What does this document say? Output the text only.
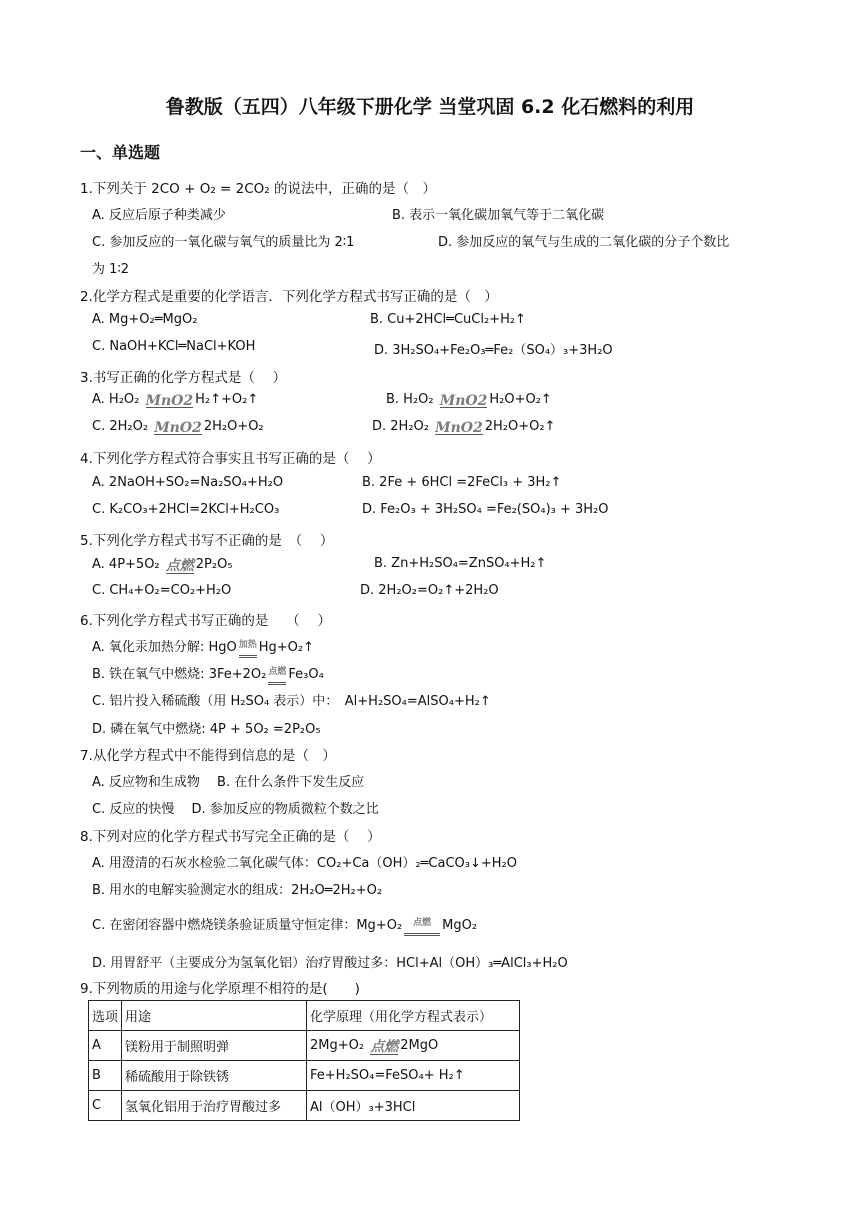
鲁教版（五四）八年级下册化学 当堂巩固 6.2 化石燃料的利用
一、单选题
1.下列关于 2CO + O₂ = 2CO₂ 的说法中，正确的是（　）
A. 反应后原子种类减少	B. 表示一氧化碳加氧气等于二氧化碳
C. 参加反应的一氧化碳与氧气的质量比为 2∶1	D. 参加反应的氧气与生成的二氧化碳的分子个数比
为 1∶2
2.化学方程式是重要的化学语言．下列化学方程式书写正确的是（　）
A. Mg+O₂═MgO₂	B. Cu+2HCl═CuCl₂+H₂↑
C. NaOH+KCl═NaCl+KOH	D. 3H₂SO₄+Fe₂O₃═Fe₂（SO₄）₃+3H₂O
3.书写正确的化学方程式是（　 ）
A. H₂O₂ MnO2 H₂↑+O₂↑	B. H₂O₂ MnO2 H₂O+O₂↑
C. 2H₂O₂ MnO2 2H₂O+O₂	D. 2H₂O₂ MnO2 2H₂O+O₂↑
4.下列化学方程式符合事实且书写正确的是（　 ）
A. 2NaOH+SO₂=Na₂SO₄+H₂O	B. 2Fe + 6HCl =2FeCl₃ + 3H₂↑
C. K₂CO₃+2HCl=2KCl+H₂CO₃	D. Fe₂O₃ + 3H₂SO₄ =Fe₂(SO₄)₃ + 3H₂O
5.下列化学方程式书写不正确的是　（　 ）
A. 4P+5O₂ 点燃 2P₂O₅	B. Zn+H₂SO₄=ZnSO₄+H₂↑
C. CH₄+O₂=CO₂+H₂O	D. 2H₂O₂=O₂↑+2H₂O
6.下列化学方程式书写正确的是　 （　 ）
A. 氧化汞加热分解: HgO $^{加热}$ Hg+O₂↑
B. 铁在氧气中燃烧: 3Fe+2O₂ $^{点燃}$ Fe₃O₄
C. 铝片投入稀硫酸（用 H₂SO₄ 表示）中：　Al+H₂SO₄=AlSO₄+H₂↑
D. 磷在氧气中燃烧: 4P + 5O₂ =2P₂O₅
7.从化学方程式中不能得到信息的是（　）
A. 反应物和生成物　 B. 在什么条件下发生反应
C. 反应的快慢　 D. 参加反应的物质微粒个数之比
8.下列对应的化学方程式书写完全正确的是（　 ）
A. 用澄清的石灰水检验二氧化碳气体：CO₂+Ca（OH）₂═CaCO₃↓+H₂O
B. 用水的电解实验测定水的组成：2H₂O═2H₂+O₂
C. 在密闭容器中燃烧镁条验证质量守恒定律：Mg+O₂ $^{点燃}$ MgO₂
D. 用胃舒平（主要成分为氢氧化铝）治疗胃酸过多：HCl+Al（OH）₃═AlCl₃+H₂O
9.下列物质的用途与化学原理不相符的是(　　)
选项	用途	化学原理（用化学方程式表示）
A	镁粉用于制照明弹	2Mg+O₂ 点燃 2MgO
B	稀硫酸用于除铁锈	Fe+H₂SO₄=FeSO₄+ H₂↑
C	氢氧化铝用于治疗胃酸过多	Al（OH）₃+3HCl
